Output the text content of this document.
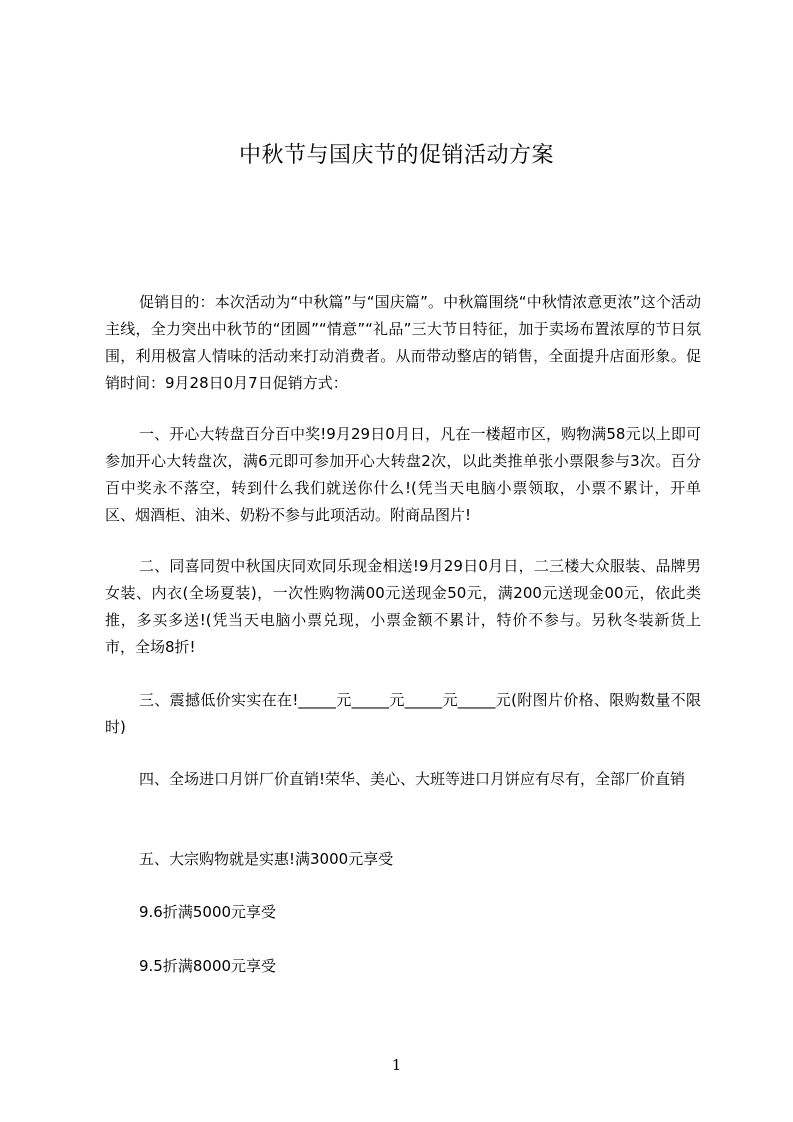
中秋节与国庆节的促销活动方案

促销目的：本次活动为“中秋篇”与“国庆篇”。中秋篇围绕“中秋情浓意更浓”这个活动主线，全力突出中秋节的“团圆”“情意”“礼品”三大节日特征，加于卖场布置浓厚的节日氛围，利用极富人情味的活动来打动消费者。从而带动整店的销售，全面提升店面形象。促销时间：9月28日0月7日促销方式：

一、开心大转盘百分百中奖!9月29日0月日，凡在一楼超市区，购物满58元以上即可参加开心大转盘次，满6元即可参加开心大转盘2次，以此类推单张小票限参与3次。百分百中奖永不落空，转到什么我们就送你什么!(凭当天电脑小票领取，小票不累计，开单区、烟酒柜、油米、奶粉不参与此项活动。附商品图片!

二、同喜同贺中秋国庆同欢同乐现金相送!9月29日0月日，二三楼大众服装、品牌男女装、内衣(全场夏装)，一次性购物满00元送现金50元，满200元送现金00元，依此类推，多买多送!(凭当天电脑小票兑现，小票金额不累计，特价不参与。另秋冬装新货上市，全场8折!

三、震撼低价实实在在!_____元_____元_____元_____元(附图片价格、限购数量不限时)

四、全场进口月饼厂价直销!荣华、美心、大班等进口月饼应有尽有，全部厂价直销

五、大宗购物就是实惠!满3000元享受

9.6折满5000元享受

9.5折满8000元享受

1
